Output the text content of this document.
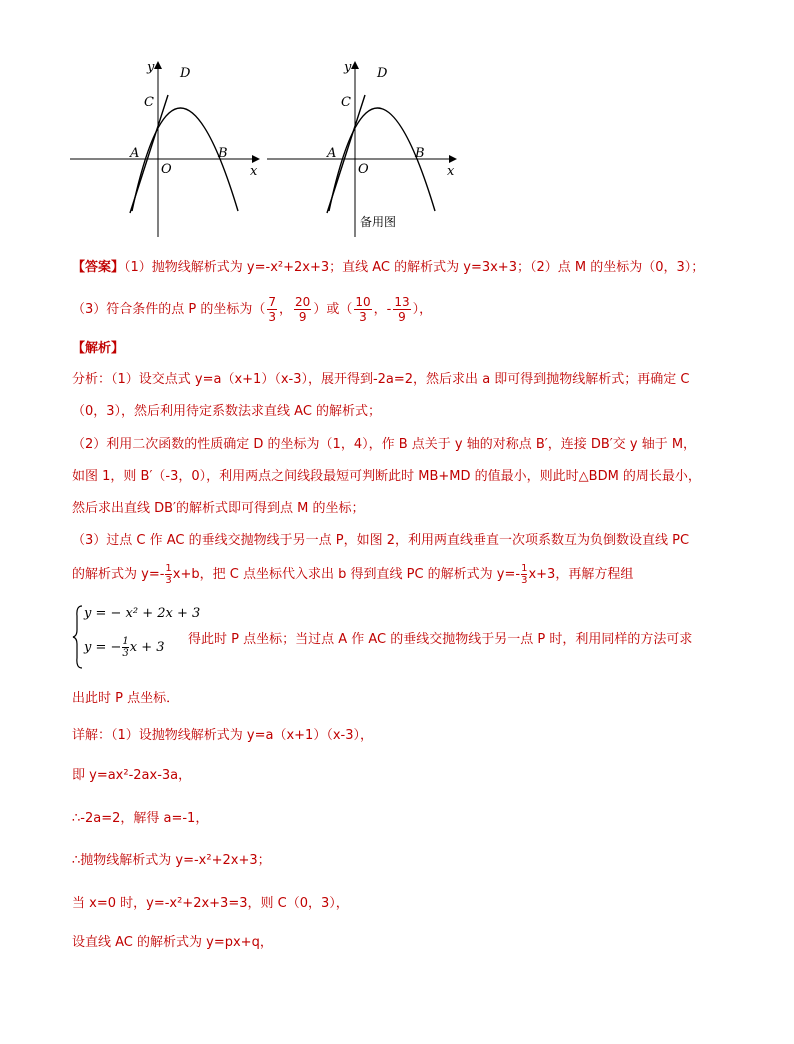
y D
C
A
O
B
x
y D
C
A
O
B
x
备用图
【答案】（1）抛物线解析式为 y=-x²+2x+3；直线 AC 的解析式为 y=3x+3；（2）点 M 的坐标为（0，3）；
（3）符合条件的点 P 的坐标为（ $\frac{7}{3}$ ， $\frac{20}{9}$ ）或（ $\frac{10}{3}$ ，- $\frac{13}{9}$ ），
【解析】
分析：（1）设交点式 y=a（x+1）（x-3），展开得到-2a=2，然后求出 a 即可得到抛物线解析式；再确定 C
（0，3），然后利用待定系数法求直线 AC 的解析式；
（2）利用二次函数的性质确定 D 的坐标为（1，4），作 B 点关于 y 轴的对称点 B′，连接 DB′交 y 轴于 M，
如图 1，则 B′（-3，0），利用两点之间线段最短可判断此时 MB+MD 的值最小，则此时△BDM 的周长最小，
然后求出直线 DB′的解析式即可得到点 M 的坐标；
（3）过点 C 作 AC 的垂线交抛物线于另一点 P，如图 2，利用两直线垂直一次项系数互为负倒数设直线 PC
的解析式为 $y=- \frac{1}{3} x+b$，把 C 点坐标代入求出 b 得到直线 PC 的解析式为 $y=- \frac{1}{3} x+3$，再解方程组
y = − x² + 2x + 3
y = − $\frac{1}{3}$ x + 3
得此时 P 点坐标；当过点 A 作 AC 的垂线交抛物线于另一点 P 时，利用同样的方法可求
出此时 P 点坐标．
详解：（1）设抛物线解析式为 y=a（x+1）（x-3），
即 y=ax²-2ax-3a，
∴-2a=2，解得 a=-1，
∴抛物线解析式为 y=-x²+2x+3；
当 x=0 时，y=-x²+2x+3=3，则 C（0，3），
设直线 AC 的解析式为 y=px+q，
